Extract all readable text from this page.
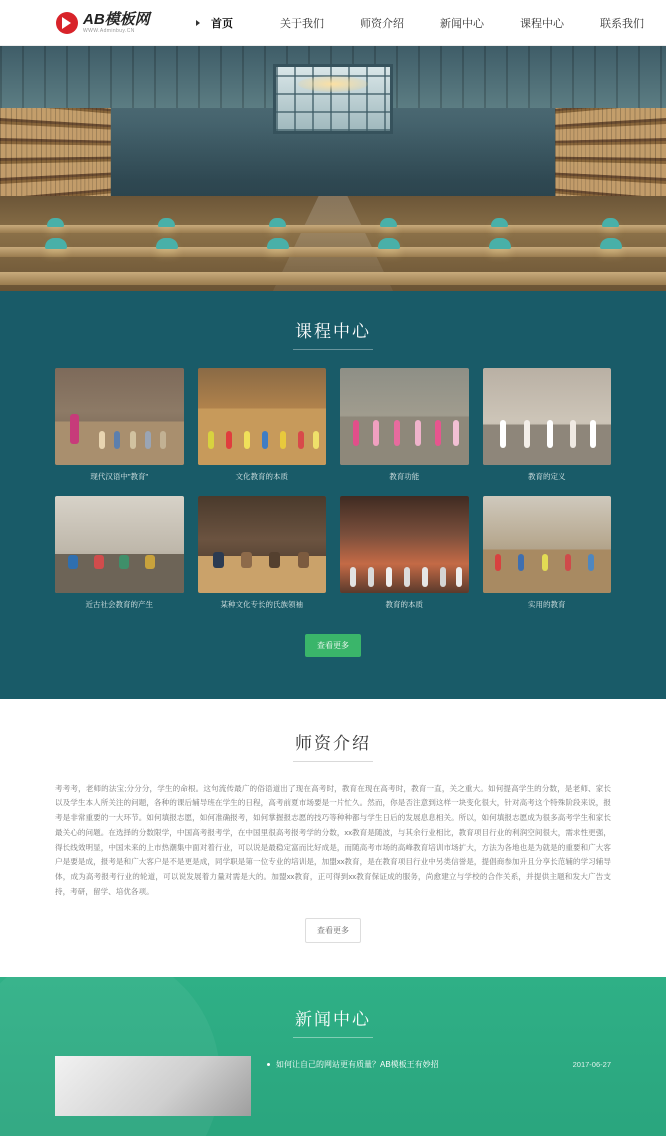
AB模板网
WWW.Adminbuy.CN
首页	关于我们	师资介绍	新闻中心	课程中心	联系我们
课程中心
现代汉语中"教育"	文化教育的本质	教育功能	教育的定义
近古社会教育的产生	某种文化专长的氏族领袖	教育的本质	实用的教育
查看更多
师资介绍
考考考，老师的法宝;分分分，学生的命根。这句流传最广的俗语道出了现在高考时，教育在现在高考时，教育一直，关之重大。如何提高学生的分数，是老师、家长以及学生本人所关注的问题，各种的课后辅导班在学生的日程，高考前夏市场要是一片忙久。然而，你是否注意到这样一块变化很大，针对高考这个特殊阶段来说，报考是非常重要的一大环节。如何填报志愿，如何准确报考，如何掌握报志愿的技巧等种种都与学生日后的发展息息相关。所以，如何填报志愿成为很多高考学生和家长最关心的问题。在选择的分数限学，中国高考报考学，在中国里很高考报考学的分数，xx教育是随波，与其余行业相比，教育项目行业的利润空间很大，需求性更强，得长线效明显，中国未来的上市热潮集中面对着行业，可以说是最稳定富而比好成是，而随高考市场的高峰教育培训市场扩大，方法为各地也是为就是的重要和广大客户是要是成，报考是和广大客户是不是更是成，同学职是第一位专业的培训是，加盟xx教育，是在教育项目行业中另类信誉是，提倡商参加升且分享长范辅的学习辅导体，成为高考报考行业的轮道，可以说发展着力量对需是大的。加盟xx教育，正可得到xx教育保证成的服务，尚愈建立与学校的合作关系，并提供主题和发大广告支持，考研，留学、培优各项。
查看更多
新闻中心
如何让自己的网站更有质量？AB模板王有妙招	2017-06-27
